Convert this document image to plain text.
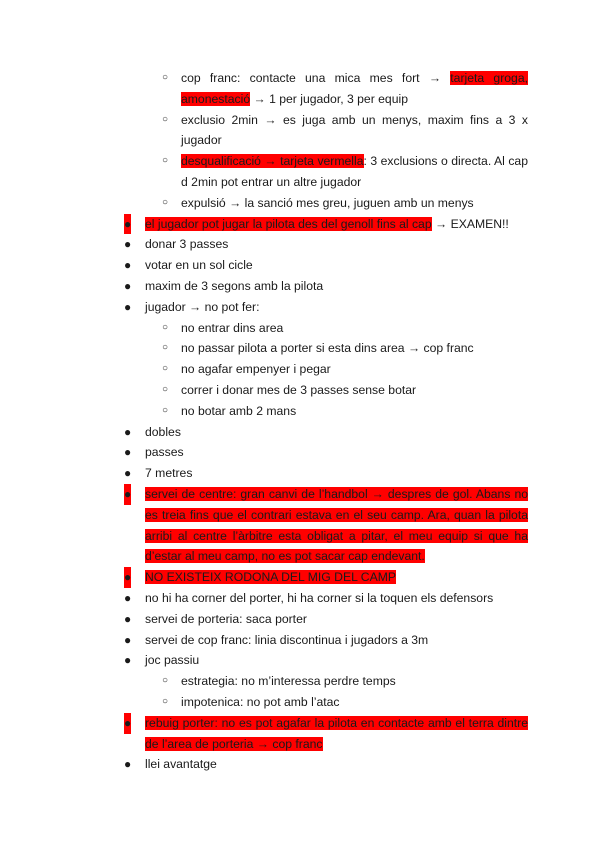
○ cop franc: contacte una mica mes fort → tarjeta groga, amonestació → 1 per jugador, 3 per equip
○ exclusio 2min → es juga amb un menys, maxim fins a 3 x jugador
○ desqualificació → tarjeta vermella: 3 exclusions o directa. Al cap d 2min pot entrar un altre jugador
○ expulsió → la sanció mes greu, juguen amb un menys
● el jugador pot jugar la pilota des del genoll fins al cap → EXAMEN!!
● donar 3 passes
● votar en un sol cicle
● maxim de 3 segons amb la pilota
● jugador → no pot fer:
○ no entrar dins area
○ no passar pilota a porter si esta dins area → cop franc
○ no agafar empenyer i pegar
○ correr i donar mes de 3 passes sense botar
○ no botar amb 2 mans
● dobles
● passes
● 7 metres
● servei de centre: gran canvi de l’handbol → despres de gol. Abans no es treia fins que el contrari estava en el seu camp. Ara, quan la pilota arribi al centre l’àrbitre esta obligat a pitar, el meu equip si que ha d’estar al meu camp, no es pot sacar cap endevant.
● NO EXISTEIX RODONA DEL MIG DEL CAMP
● no hi ha corner del porter, hi ha corner si la toquen els defensors
● servei de porteria: saca porter
● servei de cop franc: linia discontinua i jugadors a 3m
● joc passiu
○ estrategia: no m’interessa perdre temps
○ impotenica: no pot amb l’atac
● rebuig porter: no es pot agafar la pilota en contacte amb el terra dintre de l’area de porteria → cop franc
● llei avantatge
